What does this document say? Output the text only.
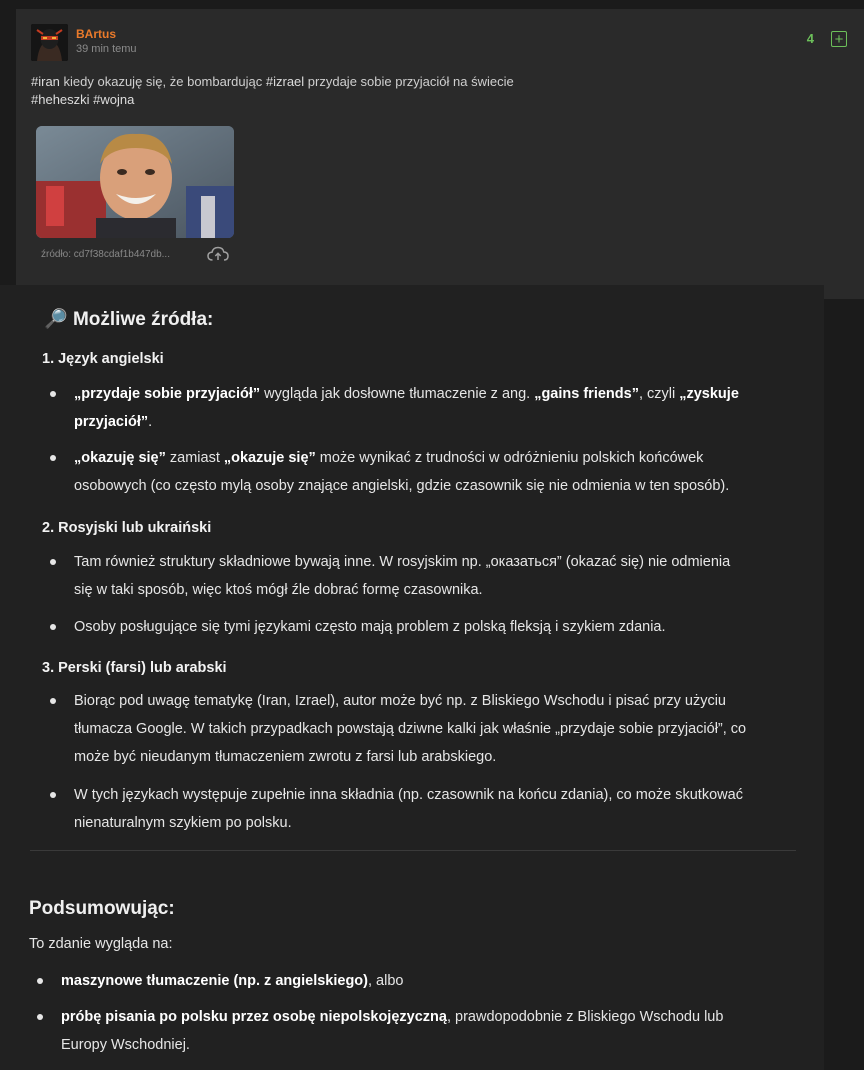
BArtus
39 min temu
4 +
#iran kiedy okazuję się, że bombardując #izrael przydaje sobie przyjaciół na świecie
#heheszki #wojna
źródło: cd7f38cdaf1b447db...
🔎 Możliwe źródła:
1. Język angielski
„przydaje sobie przyjaciół” wygląda jak dosłowne tłumaczenie z ang. „gains friends”, czyli „zyskuje
przyjaciół”.
„okazuję się” zamiast „okazuje się” może wynikać z trudności w odróżnieniu polskich końcówek
osobowych (co często mylą osoby znające angielski, gdzie czasownik się nie odmienia w ten sposób).
2. Rosyjski lub ukraiński
Tam również struktury składniowe bywają inne. W rosyjskim np. „оказаться” (okazać się) nie odmienia
się w taki sposób, więc ktoś mógł źle dobrać formę czasownika.
Osoby posługujące się tymi językami często mają problem z polską fleksją i szykiem zdania.
3. Perski (farsi) lub arabski
Biorąc pod uwagę tematykę (Iran, Izrael), autor może być np. z Bliskiego Wschodu i pisać przy użyciu
tłumacza Google. W takich przypadkach powstają dziwne kalki jak właśnie „przydaje sobie przyjaciół”, co
może być nieudanym tłumaczeniem zwrotu z farsi lub arabskiego.
W tych językach występuje zupełnie inna składnia (np. czasownik na końcu zdania), co może skutkować
nienaturalnym szykiem po polsku.
Podsumowując:
To zdanie wygląda na:
maszynowe tłumaczenie (np. z angielskiego), albo
próbę pisania po polsku przez osobę niepolskojęzyczną, prawdopodobnie z Bliskiego Wschodu lub
Europy Wschodniej.
